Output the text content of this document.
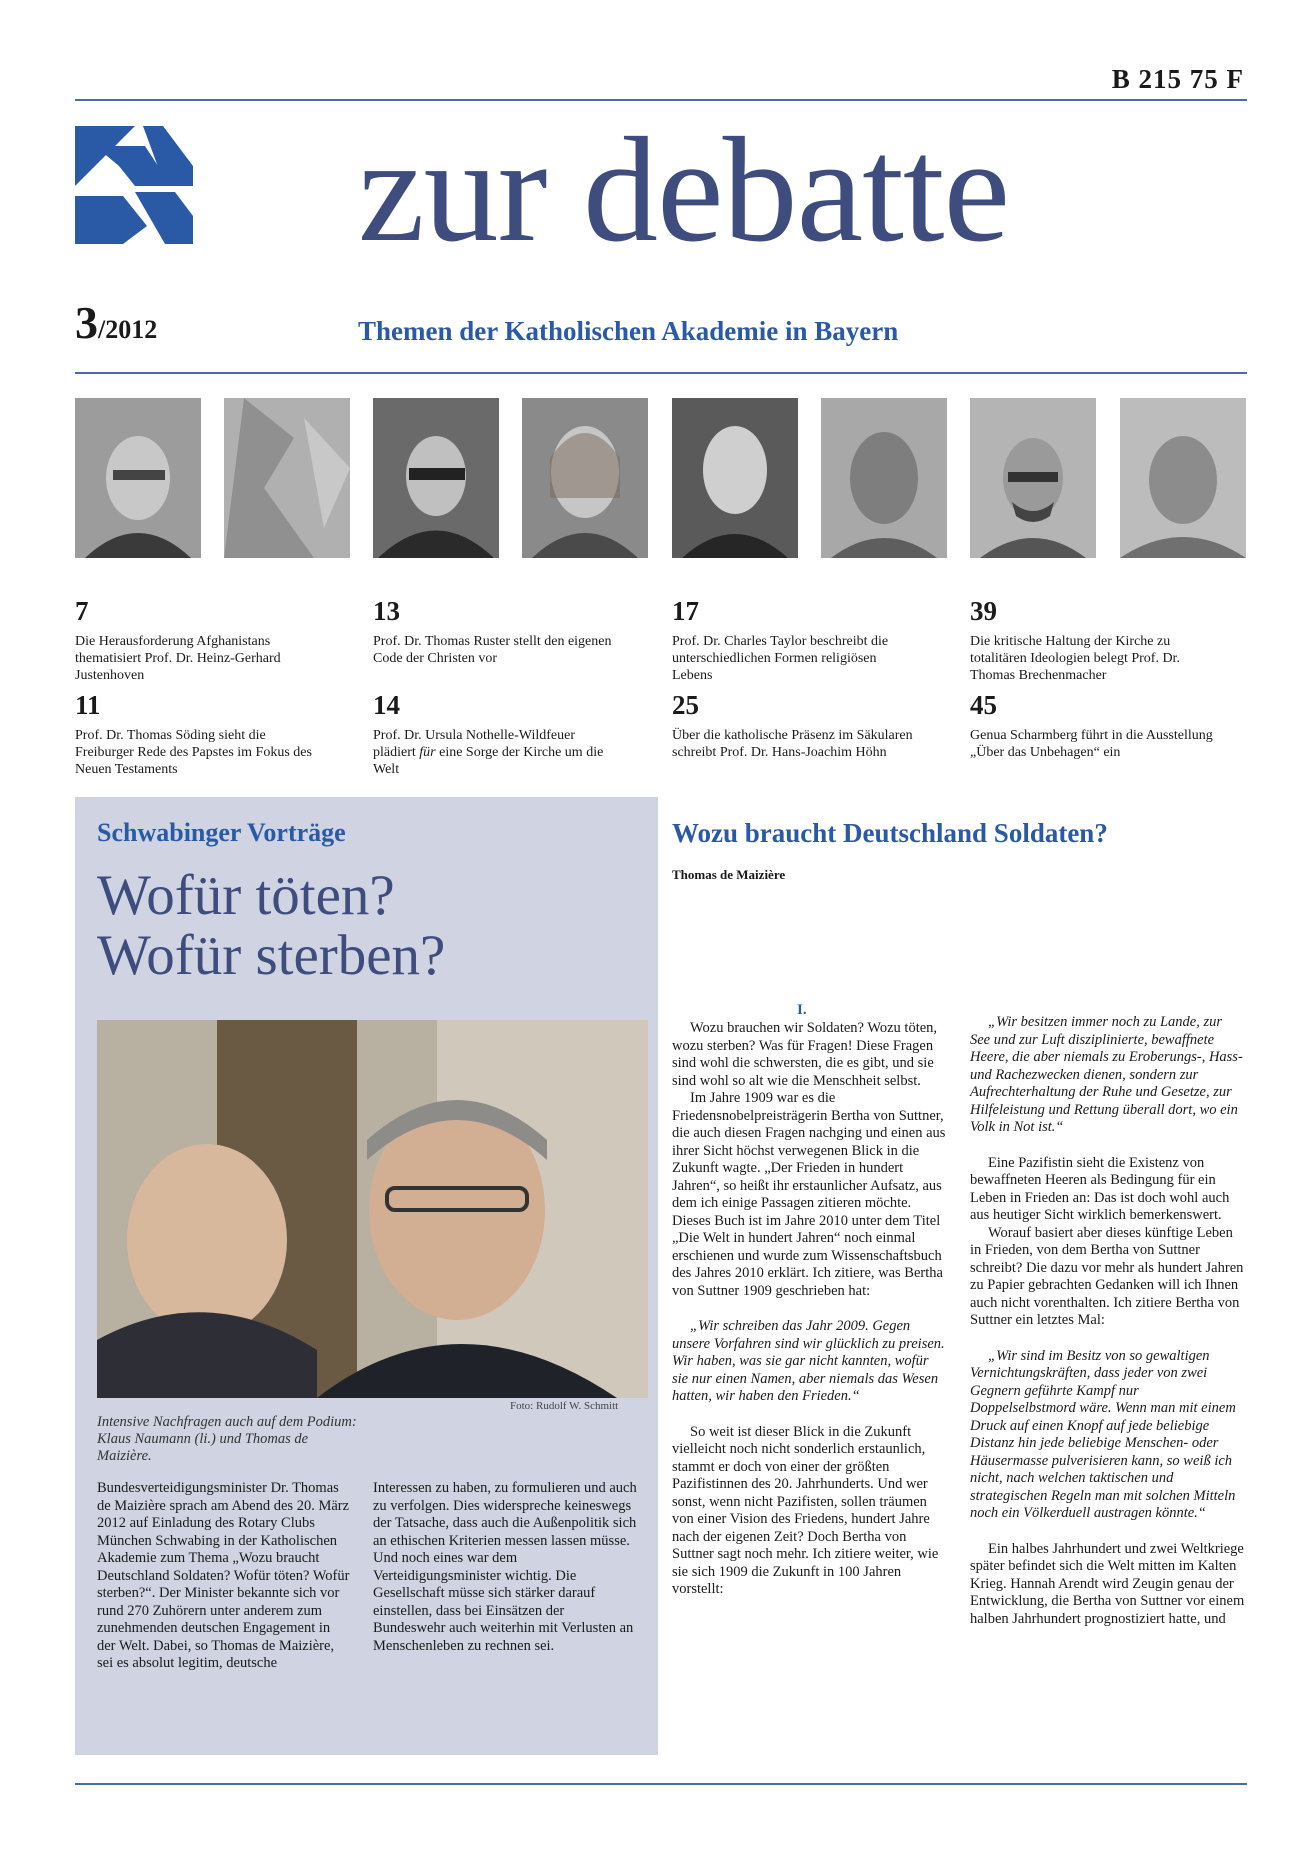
B 215 75 F
zur debatte
3/2012	Themen der Katholischen Akademie in Bayern
7
Die Herausforderung Afghanistans thematisiert Prof. Dr. Heinz-Gerhard Justenhoven
13
Prof. Dr. Thomas Ruster stellt den eigenen Code der Christen vor
17
Prof. Dr. Charles Taylor beschreibt die unterschiedlichen Formen religiösen Lebens
39
Die kritische Haltung der Kirche zu totalitären Ideologien belegt Prof. Dr. Thomas Brechenmacher
11
Prof. Dr. Thomas Söding sieht die Freiburger Rede des Papstes im Fokus des Neuen Testaments
14
Prof. Dr. Ursula Nothelle-Wildfeuer plädiert für eine Sorge der Kirche um die Welt
25
Über die katholische Präsenz im Säkularen schreibt Prof. Dr. Hans-Joachim Höhn
45
Genua Scharmberg führt in die Ausstellung „Über das Unbehagen“ ein
Schwabinger Vorträge
Wofür töten?
Wofür sterben?
Foto: Rudolf W. Schmitt
Intensive Nachfragen auch auf dem Podium: Klaus Naumann (li.) und Thomas de Maizière.

Bundesverteidigungsminister Dr. Thomas de Maizière sprach am Abend des 20. März 2012 auf Einladung des Rotary Clubs München Schwabing in der Katholischen Akademie zum Thema „Wozu braucht Deutschland Soldaten? Wofür töten? Wofür sterben?“. Der Minister bekannte sich vor rund 270 Zuhörern unter anderem zum zunehmenden deutschen Engagement in der Welt. Dabei, so Thomas de Maizière, sei es absolut legitim, deutsche

Interessen zu haben, zu formulieren und auch zu verfolgen. Dies widerspreche keineswegs der Tatsache, dass auch die Außenpolitik sich an ethischen Kriterien messen lassen müsse. Und noch eines war dem Verteidigungsminister wichtig. Die Gesellschaft müsse sich stärker darauf einstellen, dass bei Einsätzen der Bundeswehr auch weiterhin mit Verlusten an Menschenleben zu rechnen sei.

Wozu braucht Deutschland Soldaten?
Thomas de Maizière
I.

Wozu brauchen wir Soldaten? Wozu töten, wozu sterben? Was für Fragen! Diese Fragen sind wohl die schwersten, die es gibt, und sie sind wohl so alt wie die Menschheit selbst.

Im Jahre 1909 war es die Friedensnobelpreisträgerin Bertha von Suttner, die auch diesen Fragen nachging und einen aus ihrer Sicht höchst verwegenen Blick in die Zukunft wagte. „Der Frieden in hundert Jahren“, so heißt ihr erstaunlicher Aufsatz, aus dem ich einige Passagen zitieren möchte. Dieses Buch ist im Jahre 2010 unter dem Titel „Die Welt in hundert Jahren“ noch einmal erschienen und wurde zum Wissenschaftsbuch des Jahres 2010 erklärt. Ich zitiere, was Bertha von Suttner 1909 geschrieben hat:

„Wir schreiben das Jahr 2009. Gegen unsere Vorfahren sind wir glücklich zu preisen. Wir haben, was sie gar nicht kannten, wofür sie nur einen Namen, aber niemals das Wesen hatten, wir haben den Frieden.“

So weit ist dieser Blick in die Zukunft vielleicht noch nicht sonderlich erstaunlich, stammt er doch von einer der größten Pazifistinnen des 20. Jahrhunderts. Und wer sonst, wenn nicht Pazifisten, sollen träumen von einer Vision des Friedens, hundert Jahre nach der eigenen Zeit? Doch Bertha von Suttner sagt noch mehr. Ich zitiere weiter, wie sie sich 1909 die Zukunft in 100 Jahren vorstellt:

„Wir besitzen immer noch zu Lande, zur See und zur Luft disziplinierte, bewaffnete Heere, die aber niemals zu Eroberungs-, Hass- und Rachezwecken dienen, sondern zur Aufrechterhaltung der Ruhe und Gesetze, zur Hilfeleistung und Rettung überall dort, wo ein Volk in Not ist.“

Eine Pazifistin sieht die Existenz von bewaffneten Heeren als Bedingung für ein Leben in Frieden an: Das ist doch wohl auch aus heutiger Sicht wirklich bemerkenswert.

Worauf basiert aber dieses künftige Leben in Frieden, von dem Bertha von Suttner schreibt? Die dazu vor mehr als hundert Jahren zu Papier gebrachten Gedanken will ich Ihnen auch nicht vorenthalten. Ich zitiere Bertha von Suttner ein letztes Mal:

„Wir sind im Besitz von so gewaltigen Vernichtungskräften, dass jeder von zwei Gegnern geführte Kampf nur Doppelselbstmord wäre. Wenn man mit einem Druck auf einen Knopf auf jede beliebige Distanz hin jede beliebige Menschen- oder Häusermasse pulverisieren kann, so weiß ich nicht, nach welchen taktischen und strategischen Regeln man mit solchen Mitteln noch ein Völkerduell austragen könnte.“

Ein halbes Jahrhundert und zwei Weltkriege später befindet sich die Welt mitten im Kalten Krieg. Hannah Arendt wird Zeugin genau der Entwicklung, die Bertha von Suttner vor einem halben Jahrhundert prognostiziert hatte, und
